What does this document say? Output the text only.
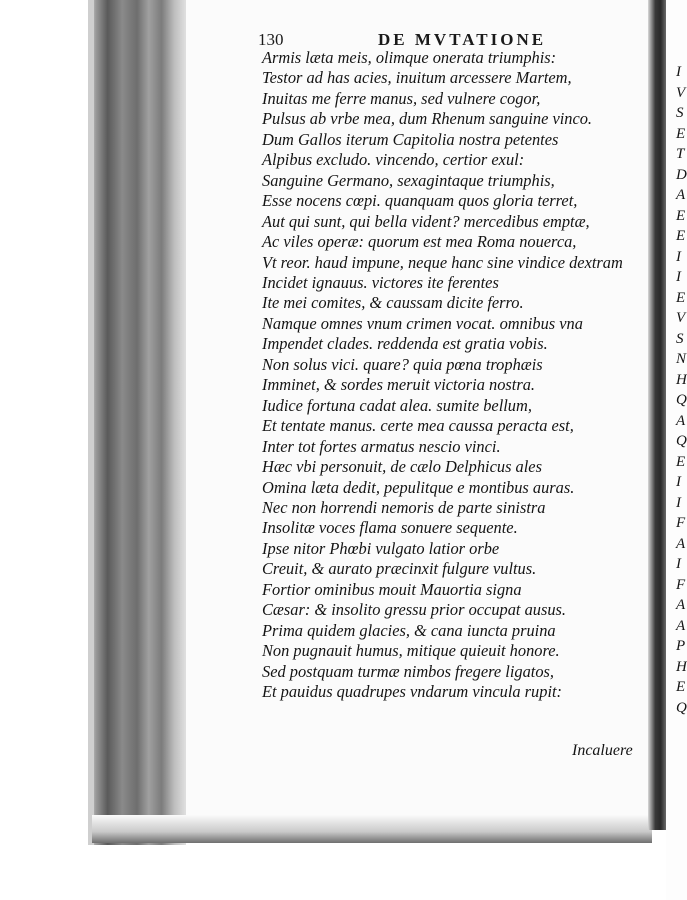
130	DE MVTATIONE
Armis læta meis, olimque onerata triumphis:
Testor ad has acies, inuitum arcessere Martem,
Inuitas me ferre manus, sed vulnere cogor,
Pulsus ab vrbe mea, dum Rhenum sanguine vinco.
Dum Gallos iterum Capitolia nostra petentes
Alpibus excludo. vincendo, certior exul:
Sanguine Germano, sexagintaque triumphis,
Esse nocens cœpi. quanquam quos gloria terret,
Aut qui sunt, qui bella vident? mercedibus emptæ,
Ac viles operæ: quorum est mea Roma nouerca,
Vt reor. haud impune, neque hanc sine vindice dextram
Incidet ignauus. victores ite ferentes
Ite mei comites, & caussam dicite ferro.
Namque omnes vnum crimen vocat. omnibus vna
Impendet clades. reddenda est gratia vobis.
Non solus vici. quare? quia pœna trophæis
Imminet, & sordes meruit victoria nostra.
Iudice fortuna cadat alea. sumite bellum,
Et tentate manus. certe mea caussa peracta est,
Inter tot fortes armatus nescio vinci.
Hæc vbi personuit, de cælo Delphicus ales
Omina læta dedit, pepulitque e montibus auras.
Nec non horrendi nemoris de parte sinistra
Insolitæ voces flama sonuere sequente.
Ipse nitor Phœbi vulgato latior orbe
Creuit, & aurato præcinxit fulgure vultus.
Fortior ominibus mouit Mauortia signa
Cæsar: & insolito gressu prior occupat ausus.
Prima quidem glacies, & cana iuncta pruina
Non pugnauit humus, mitique quieuit honore.
Sed postquam turmæ nimbos fregere ligatos,
Et pauidus quadrupes vndarum vincula rupit:
Incaluere
I
V
S
E
T
D
A
E
E
I
I
E
V
S
N
H
Q
A
Q
E
I
I
F
A
I
F
A
A
P
H
E
Q
